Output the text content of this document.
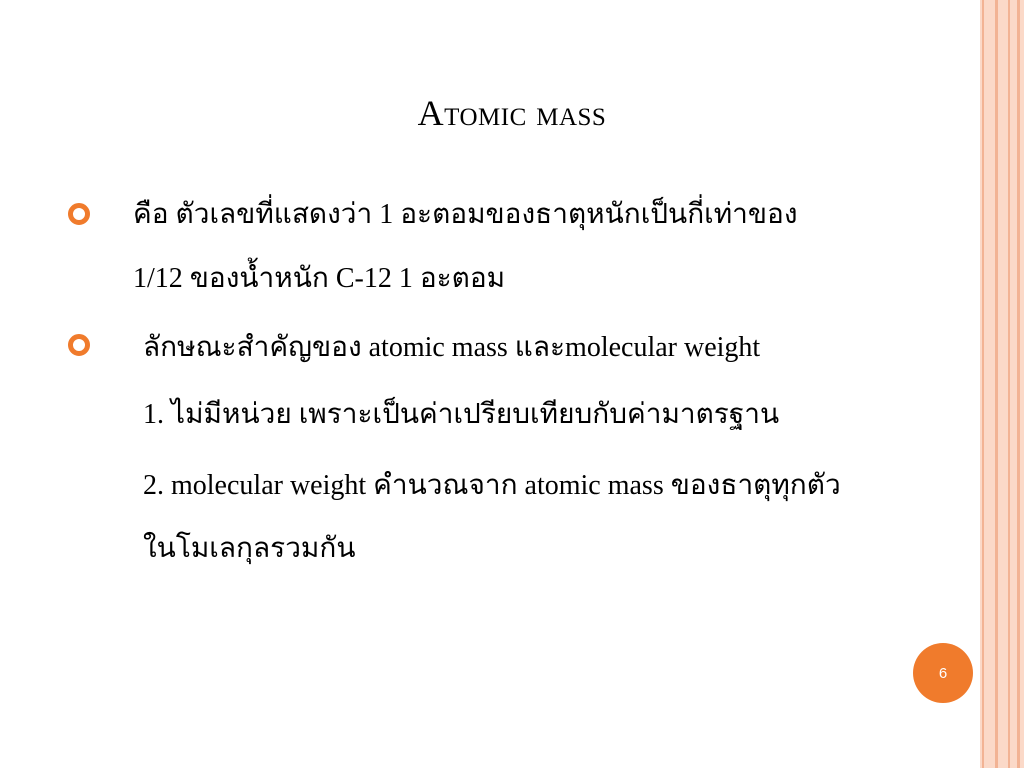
Atomic mass
คือ ตัวเลขที่แสดงว่า 1 อะตอมของธาตุหนักเป็นกี่เท่าของ
1/12 ของน้ำหนัก C-12 1 อะตอม
ลักษณะสำคัญของ atomic mass และmolecular weight
1. ไม่มีหน่วย เพราะเป็นค่าเปรียบเทียบกับค่ามาตรฐาน
2. molecular weight คำนวณจาก atomic mass ของธาตุทุกตัว
ในโมเลกุลรวมกัน
6
